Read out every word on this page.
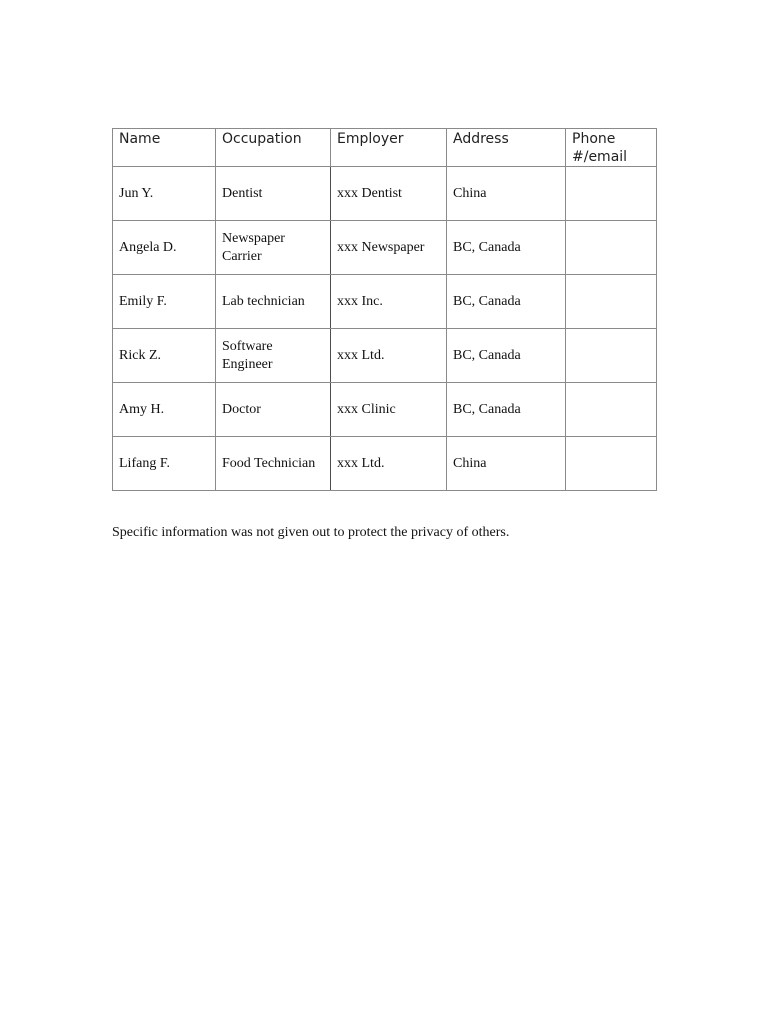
Name	Occupation	Employer	Address	Phone #/email
Jun Y.	Dentist	xxx Dentist	China	
Angela D.	Newspaper Carrier	xxx Newspaper	BC, Canada	
Emily F.	Lab technician	xxx Inc.	BC, Canada	
Rick Z.	Software Engineer	xxx Ltd.	BC, Canada	
Amy H.	Doctor	xxx Clinic	BC, Canada	
Lifang F.	Food Technician	xxx Ltd.	China	

Specific information was not given out to protect the privacy of others.
